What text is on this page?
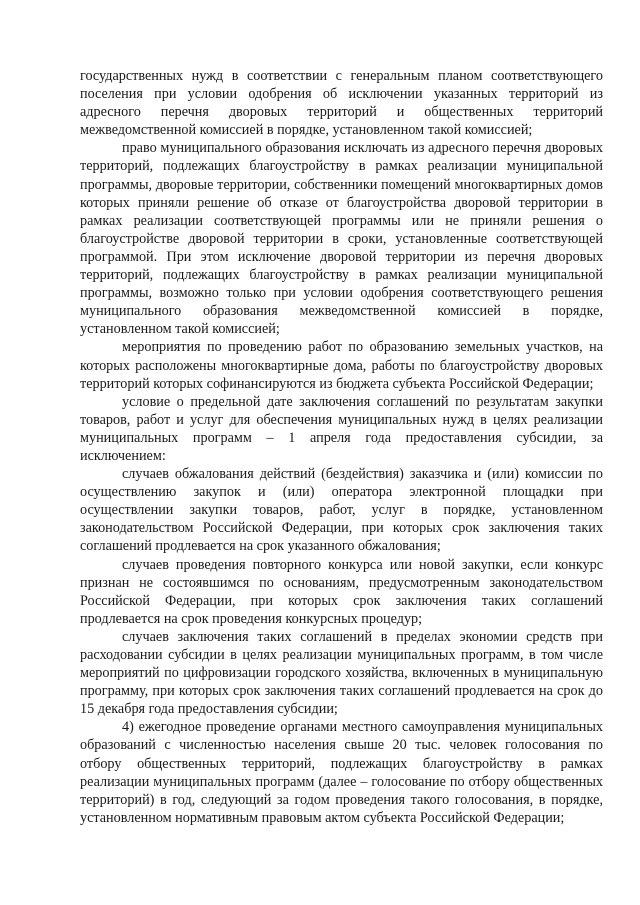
государственных нужд в соответствии с генеральным планом соответствующего поселения при условии одобрения об исключении указанных территорий из адресного перечня дворовых территорий и общественных территорий межведомственной комиссией в порядке, установленном такой комиссией;

право муниципального образования исключать из адресного перечня дворовых территорий, подлежащих благоустройству в рамках реализации муниципальной программы, дворовые территории, собственники помещений многоквартирных домов которых приняли решение об отказе от благоустройства дворовой территории в рамках реализации соответствующей программы или не приняли решения о благоустройстве дворовой территории в сроки, установленные соответствующей программой. При этом исключение дворовой территории из перечня дворовых территорий, подлежащих благоустройству в рамках реализации муниципальной программы, возможно только при условии одобрения соответствующего решения муниципального образования межведомственной комиссией в порядке, установленном такой комиссией;

мероприятия по проведению работ по образованию земельных участков, на которых расположены многоквартирные дома, работы по благоустройству дворовых территорий которых софинансируются из бюджета субъекта Российской Федерации;

условие о предельной дате заключения соглашений по результатам закупки товаров, работ и услуг для обеспечения муниципальных нужд в целях реализации муниципальных программ – 1 апреля года предоставления субсидии, за исключением:

случаев обжалования действий (бездействия) заказчика и (или) комиссии по осуществлению закупок и (или) оператора электронной площадки при осуществлении закупки товаров, работ, услуг в порядке, установленном законодательством Российской Федерации, при которых срок заключения таких соглашений продлевается на срок указанного обжалования;

случаев проведения повторного конкурса или новой закупки, если конкурс признан не состоявшимся по основаниям, предусмотренным законодательством Российской Федерации, при которых срок заключения таких соглашений продлевается на срок проведения конкурсных процедур;

случаев заключения таких соглашений в пределах экономии средств при расходовании субсидии в целях реализации муниципальных программ, в том числе мероприятий по цифровизации городского хозяйства, включенных в муниципальную программу, при которых срок заключения таких соглашений продлевается на срок до 15 декабря года предоставления субсидии;

4) ежегодное проведение органами местного самоуправления муниципальных образований с численностью населения свыше 20 тыс. человек голосования по отбору общественных территорий, подлежащих благоустройству в рамках реализации муниципальных программ (далее – голосование по отбору общественных территорий) в год, следующий за годом проведения такого голосования, в порядке, установленном нормативным правовым актом субъекта Российской Федерации;
